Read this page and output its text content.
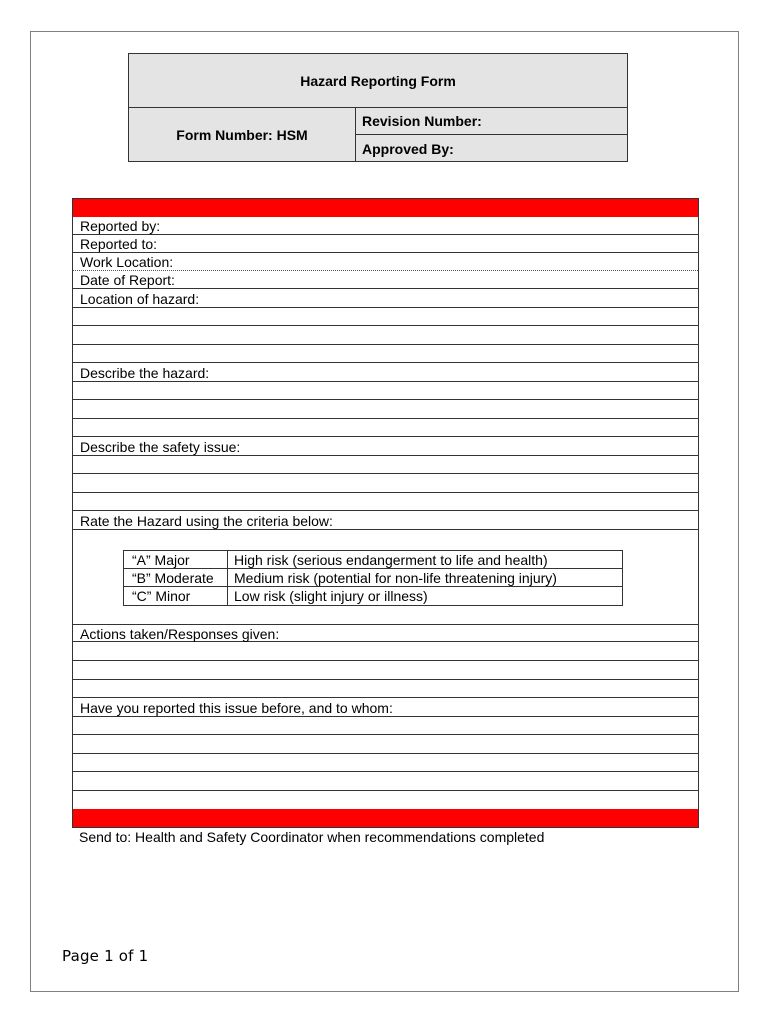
Hazard Reporting Form
Form Number: HSM
Revision Number:
Approved By:
Reported by:
Reported to:
Work Location:
Date of Report:
Location of hazard:
Describe the hazard:
Describe the safety issue:
Rate the Hazard using the criteria below:
“A” Major	High risk (serious endangerment to life and health)
“B” Moderate	Medium risk (potential for non-life threatening injury)
“C” Minor	Low risk (slight injury or illness)
Actions taken/Responses given:
Have you reported this issue before, and to whom:
Send to: Health and Safety Coordinator when recommendations completed
Page 1 of 1
